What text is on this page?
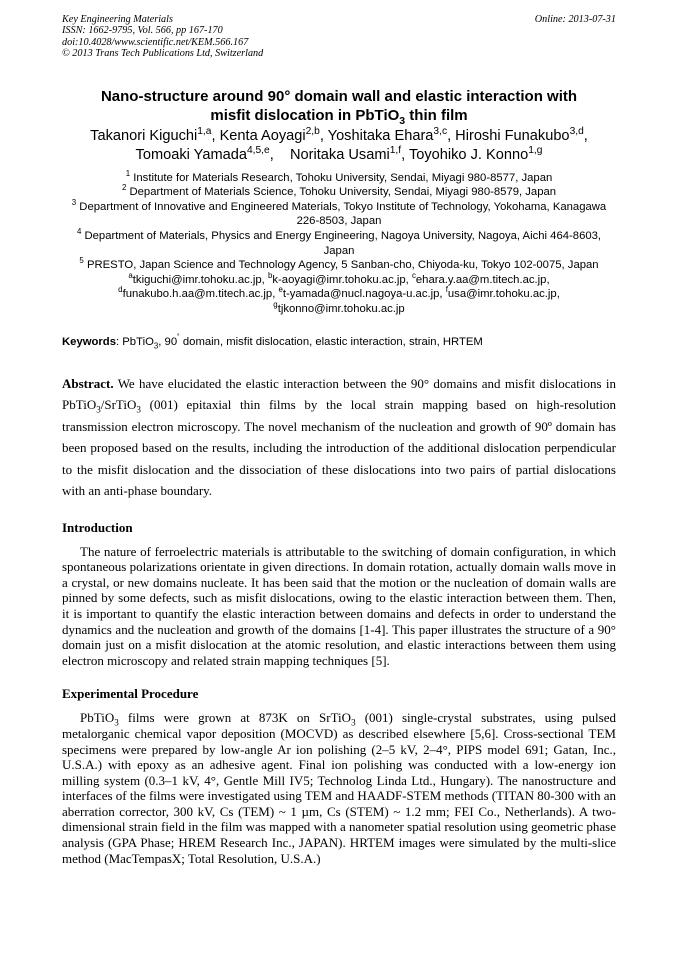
Key Engineering Materials
ISSN: 1662-9795, Vol. 566, pp 167-170
doi:10.4028/www.scientific.net/KEM.566.167
© 2013 Trans Tech Publications Ltd, Switzerland
Online: 2013-07-31
Nano-structure around 90° domain wall and elastic interaction with
misfit dislocation in PbTiO$_3$ thin film
Takanori Kiguchi$^{1,a}$, Kenta Aoyagi$^{2,b}$, Yoshitaka Ehara$^{3,c}$, Hiroshi Funakubo$^{3,d}$,
Tomoaki Yamada$^{4,5,e}$,    Noritaka Usami$^{1,f}$, Toyohiko J. Konno$^{1,g}$
$^1$ Institute for Materials Research, Tohoku University, Sendai, Miyagi 980-8577, Japan
$^2$ Department of Materials Science, Tohoku University, Sendai, Miyagi 980-8579, Japan
$^3$ Department of Innovative and Engineered Materials, Tokyo Institute of Technology, Yokohama, Kanagawa 226-8503, Japan
$^4$ Department of Materials, Physics and Energy Engineering, Nagoya University, Nagoya, Aichi 464-8603, Japan
$^5$ PRESTO, Japan Science and Technology Agency, 5 Sanban-cho, Chiyoda-ku, Tokyo 102-0075, Japan
$^a$tkiguchi@imr.tohoku.ac.jp, $^b$k-aoyagi@imr.tohoku.ac.jp, $^c$ehara.y.aa@m.titech.ac.jp,
$^d$funakubo.h.aa@m.titech.ac.jp, $^e$t-yamada@nucl.nagoya-u.ac.jp, $^f$usa@imr.tohoku.ac.jp,
$^g$tjkonno@imr.tohoku.ac.jp
Keywords: PbTiO$_3$, 90˚ domain, misfit dislocation, elastic interaction, strain, HRTEM
Abstract. We have elucidated the elastic interaction between the 90° domains and misfit dislocations in PbTiO$_3$/SrTiO$_3$ (001) epitaxial thin films by the local strain mapping based on high-resolution transmission electron microscopy. The novel mechanism of the nucleation and growth of 90º domain has been proposed based on the results, including the introduction of the additional dislocation perpendicular to the misfit dislocation and the dissociation of these dislocations into two pairs of partial dislocations with an anti-phase boundary.
Introduction

The nature of ferroelectric materials is attributable to the switching of domain configuration, in which spontaneous polarizations orientate in given directions. In domain rotation, actually domain walls move in a crystal, or new domains nucleate. It has been said that the motion or the nucleation of domain walls are pinned by some defects, such as misfit dislocations, owing to the elastic interaction between them. Then, it is important to quantify the elastic interaction between domains and defects in order to understand the dynamics and the nucleation and growth of the domains [1-4]. This paper illustrates the structure of a 90° domain just on a misfit dislocation at the atomic resolution, and elastic interactions between them using electron microscopy and related strain mapping techniques [5].

Experimental Procedure

PbTiO$_3$ films were grown at 873K on SrTiO$_3$ (001) single-crystal substrates, using pulsed metalorganic chemical vapor deposition (MOCVD) as described elsewhere [5,6]. Cross-sectional TEM specimens were prepared by low-angle Ar ion polishing (2–5 kV, 2–4°, PIPS model 691; Gatan, Inc., U.S.A.) with epoxy as an adhesive agent. Final ion polishing was conducted with a low-energy ion milling system (0.3–1 kV, 4°, Gentle Mill IV5; Technolog Linda Ltd., Hungary). The nanostructure and interfaces of the films were investigated using TEM and HAADF-STEM methods (TITAN 80-300 with an aberration corrector, 300 kV, Cs (TEM) ~ 1 µm, Cs (STEM) ~ 1.2 mm; FEI Co., Netherlands). A two-dimensional strain field in the film was mapped with a nanometer spatial resolution using geometric phase analysis (GPA Phase; HREM Research Inc., JAPAN). HRTEM images were simulated by the multi-slice method (MacTempasX; Total Resolution, U.S.A.)
